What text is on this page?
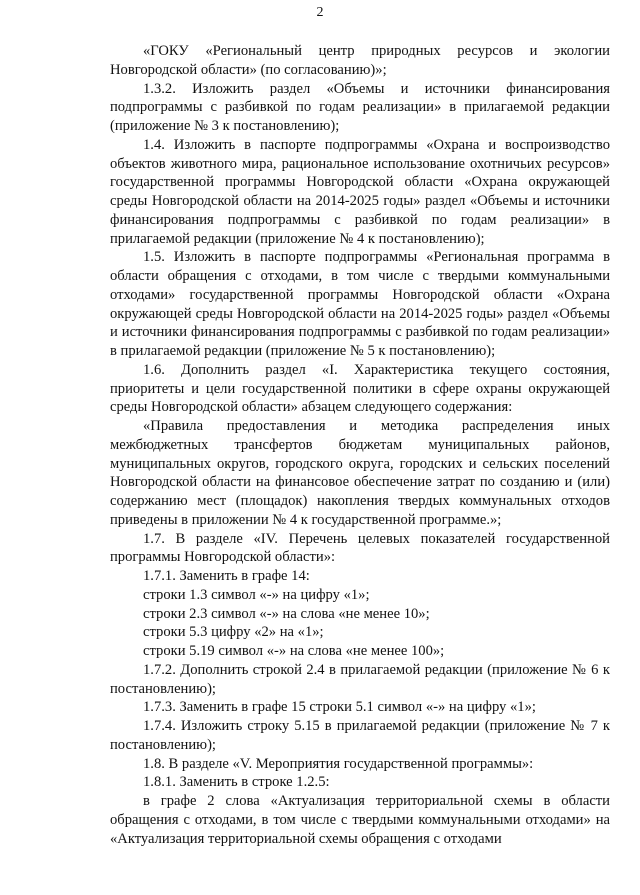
2

«ГОКУ «Региональный центр природных ресурсов и экологии Новгородской области» (по согласованию)»;

1.3.2. Изложить раздел «Объемы и источники финансирования подпрограммы с разбивкой по годам реализации» в прилагаемой редакции (приложение № 3 к постановлению);

1.4. Изложить в паспорте подпрограммы «Охрана и воспроизводство объектов животного мира, рациональное использование охотничьих ресурсов» государственной программы Новгородской области «Охрана окружающей среды Новгородской области на 2014-2025 годы» раздел «Объемы и источники финансирования подпрограммы с разбивкой по годам реализации» в прилагаемой редакции (приложение № 4 к постановлению);

1.5. Изложить в паспорте подпрограммы «Региональная программа в области обращения с отходами, в том числе с твердыми коммунальными отходами» государственной программы Новгородской области «Охрана окружающей среды Новгородской области на 2014-2025 годы» раздел «Объемы и источники финансирования подпрограммы с разбивкой по годам реализации» в прилагаемой редакции (приложение № 5 к постановлению);

1.6. Дополнить раздел «I. Характеристика текущего состояния, приоритеты и цели государственной политики в сфере охраны окружающей среды Новгородской области» абзацем следующего содержания:

«Правила предоставления и методика распределения иных межбюджетных трансфертов бюджетам муниципальных районов, муниципальных округов, городского округа, городских и сельских поселений Новгородской области на финансовое обеспечение затрат по созданию и (или) содержанию мест (площадок) накопления твердых коммунальных отходов приведены в приложении № 4 к государственной программе.»;

1.7. В разделе «IV. Перечень целевых показателей государственной программы Новгородской области»:

1.7.1. Заменить в графе 14:

строки 1.3 символ «-» на цифру «1»;

строки 2.3 символ «-» на слова «не менее 10»;

строки 5.3 цифру «2» на «1»;

строки 5.19 символ «-» на слова «не менее 100»;

1.7.2. Дополнить строкой 2.4 в прилагаемой редакции (приложение № 6 к постановлению);

1.7.3. Заменить в графе 15 строки 5.1 символ «-» на цифру «1»;

1.7.4. Изложить строку 5.15 в прилагаемой редакции (приложение № 7 к постановлению);

1.8. В разделе «V. Мероприятия государственной программы»:

1.8.1. Заменить в строке 1.2.5:

в графе 2 слова «Актуализация территориальной схемы в области обращения с отходами, в том числе с твердыми коммунальными отходами» на «Актуализация территориальной схемы обращения с отходами
